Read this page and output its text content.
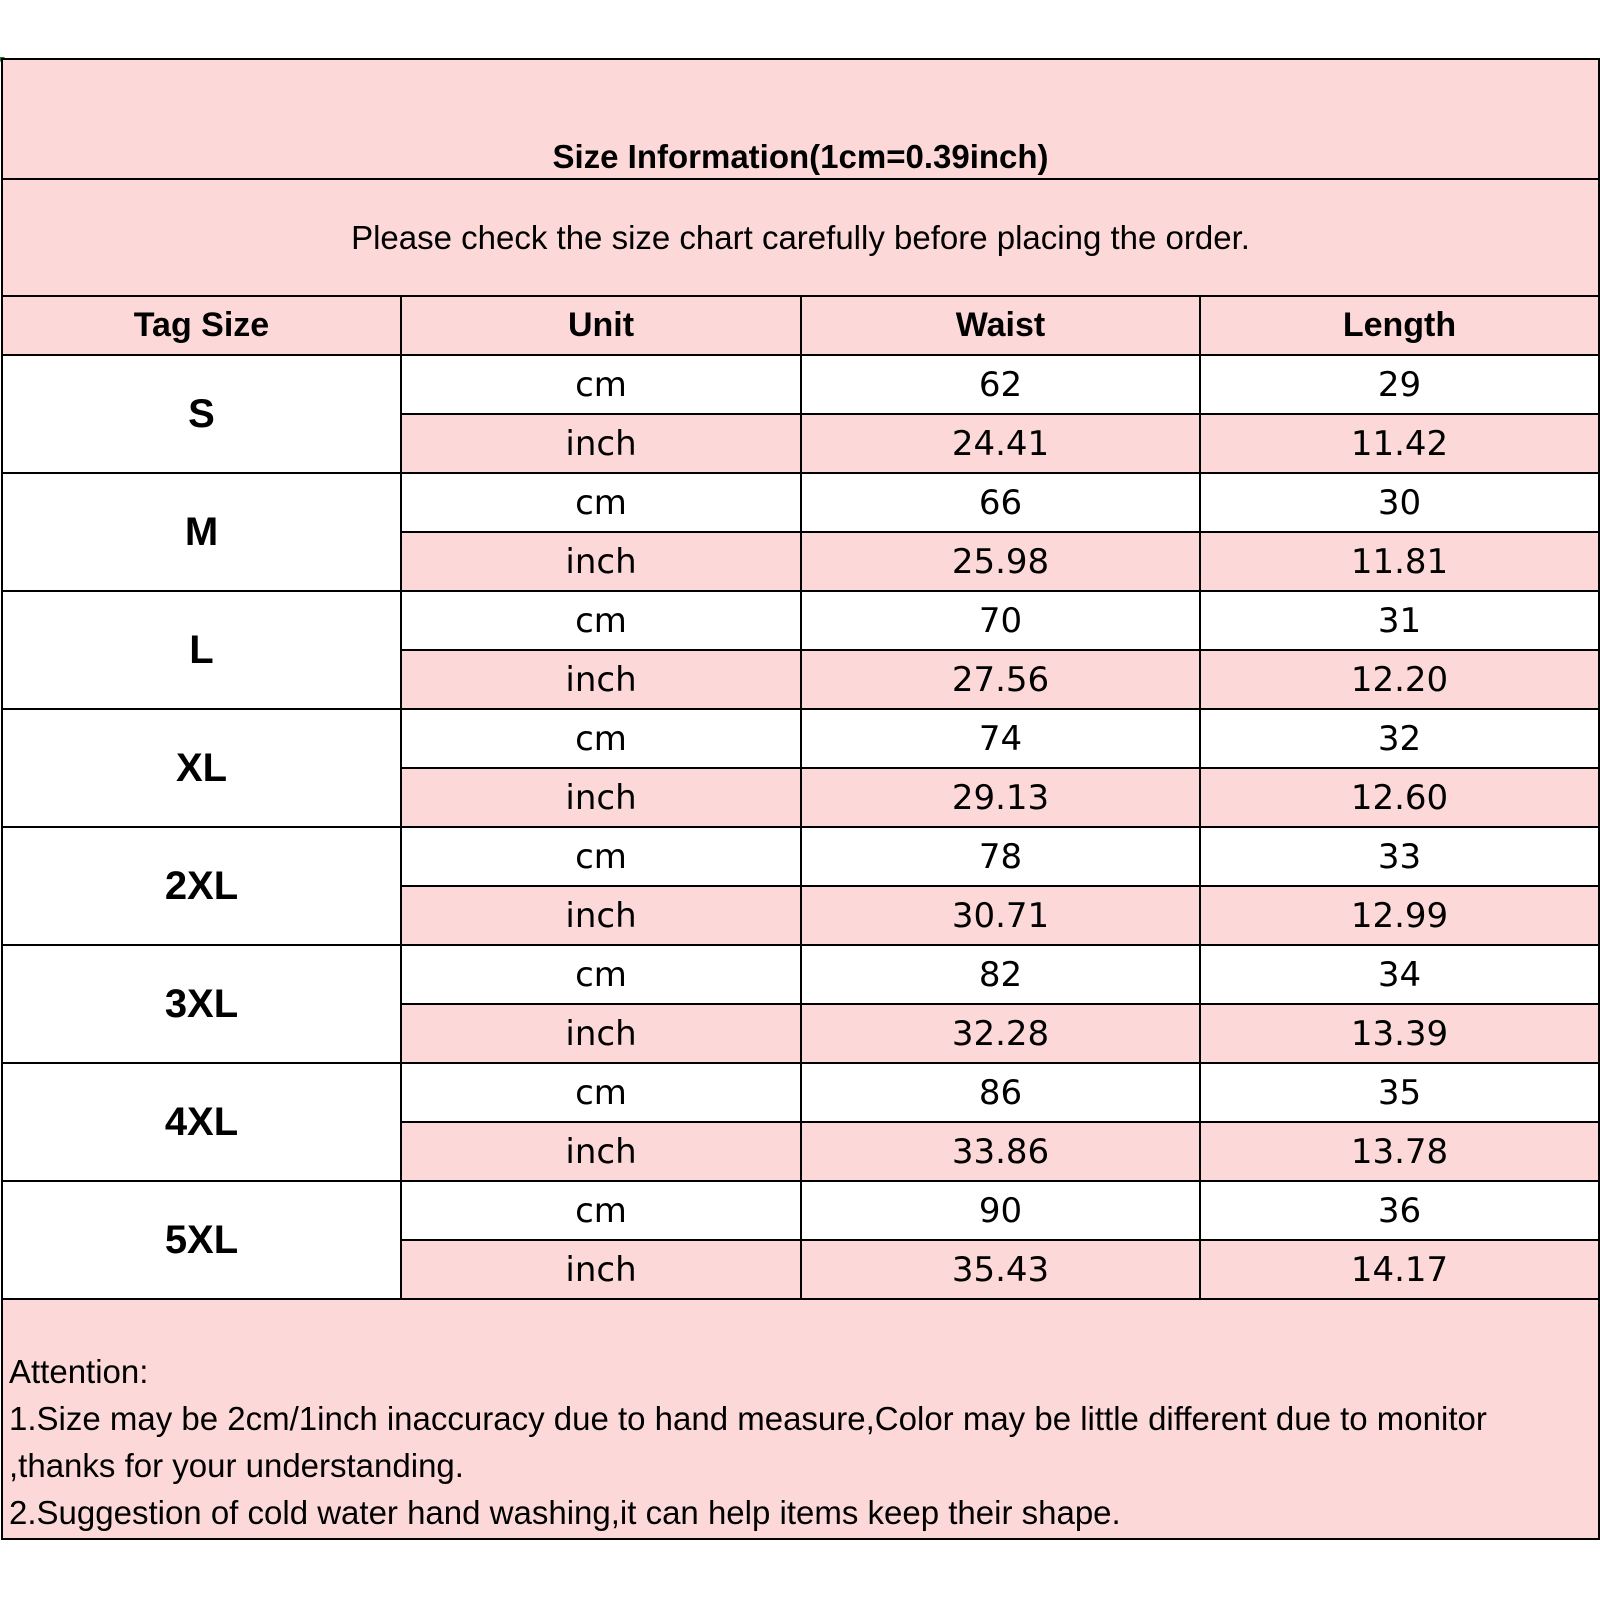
Size Information(1cm=0.39inch)			
Please check the size chart carefully before placing the order.			
Tag Size	Unit	Waist	Length
S	cm	62	29
	inch	24.41	11.42
M	cm	66	30
	inch	25.98	11.81
L	cm	70	31
	inch	27.56	12.20
XL	cm	74	32
	inch	29.13	12.60
2XL	cm	78	33
	inch	30.71	12.99
3XL	cm	82	34
	inch	32.28	13.39
4XL	cm	86	35
	inch	33.86	13.78
5XL	cm	90	36
	inch	35.43	14.17

Attention:

1.Size may be 2cm/1inch inaccuracy due to hand measure,Color may be little different due to monitor ,thanks for your understanding.

2.Suggestion of cold water hand washing,it can help items keep their shape.			
